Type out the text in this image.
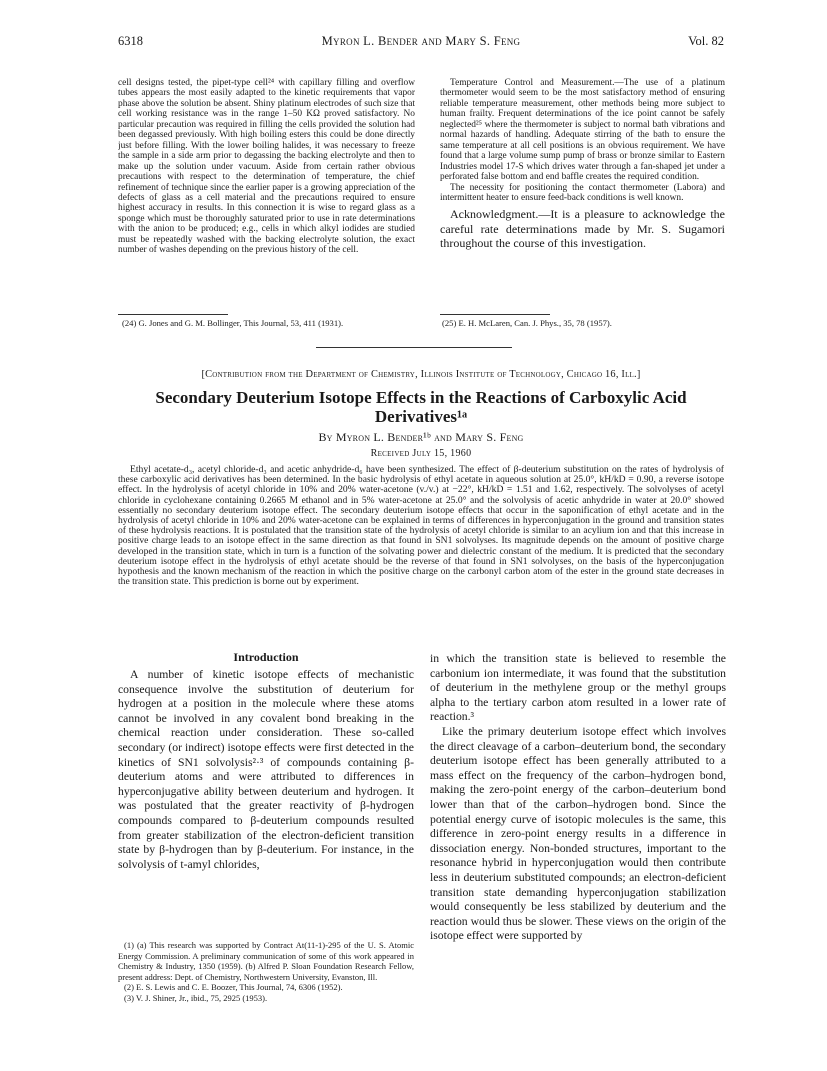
6318	Myron L. Bender and Mary S. Feng	Vol. 82

cell designs tested, the pipet-type cell²⁴ with capillary filling and overflow tubes appears the most easily adapted to the kinetic requirements that vapor phase above the solution be absent. Shiny platinum electrodes of such size that cell working resistance was in the range 1–50 KΩ proved satisfactory. No particular precaution was required in filling the cells provided the solution had been degassed previously. With high boiling esters this could be done directly just before filling. With the lower boiling halides, it was necessary to freeze the sample in a side arm prior to degassing the backing electrolyte and then to make up the solution under vacuum. Aside from certain rather obvious precautions with respect to the determination of temperature, the chief refinement of technique since the earlier paper is a growing appreciation of the defects of glass as a cell material and the precautions required to ensure highest accuracy in results. In this connection it is wise to regard glass as a sponge which must be thoroughly saturated prior to use in rate determinations with the anion to be produced; e.g., cells in which alkyl iodides are studied must be repeatedly washed with the backing electrolyte solution, the exact number of washes depending on the previous history of the cell.

Temperature Control and Measurement.—The use of a platinum thermometer would seem to be the most satisfactory method of ensuring reliable temperature measurement, other methods being more subject to human frailty. Frequent determinations of the ice point cannot be safely neglected²⁵ where the thermometer is subject to normal bath vibrations and normal hazards of handling. Adequate stirring of the bath to ensure the same temperature at all cell positions is an obvious requirement. We have found that a large volume sump pump of brass or bronze similar to Eastern Industries model 17-S which drives water through a fan-shaped jet under a perforated false bottom and end baffle creates the required condition.

The necessity for positioning the contact thermometer (Labora) and intermittent heater to ensure feed-back conditions is well known.

Acknowledgment.—It is a pleasure to acknowledge the careful rate determinations made by Mr. S. Sugamori throughout the course of this investigation.

(24) G. Jones and G. M. Bollinger, This Journal, 53, 411 (1931).	(25) E. H. McLaren, Can. J. Phys., 35, 78 (1957).
[Contribution from the Department of Chemistry, Illinois Institute of Technology, Chicago 16, Ill.]
Secondary Deuterium Isotope Effects in the Reactions of Carboxylic Acid Derivatives¹ᵃ
By Myron L. Bender¹ᵇ and Mary S. Feng
Received July 15, 1960
Ethyl acetate-d₃, acetyl chloride-d₃ and acetic anhydride-d₆ have been synthesized. The effect of β-deuterium substitution on the rates of hydrolysis of these carboxylic acid derivatives has been determined. In the basic hydrolysis of ethyl acetate in aqueous solution at 25.0°, kH/kD = 0.90, a reverse isotope effect. In the hydrolysis of acetyl chloride in 10% and 20% water-acetone (v./v.) at −22°, kH/kD = 1.51 and 1.62, respectively. The solvolyses of acetyl chloride in cyclohexane containing 0.2665 M ethanol and in 5% water-acetone at 25.0° and the solvolysis of acetic anhydride in water at 20.0° showed essentially no secondary deuterium isotope effect. The secondary deuterium isotope effects that occur in the saponification of ethyl acetate and in the hydrolysis of acetyl chloride in 10% and 20% water-acetone can be explained in terms of differences in hyperconjugation in the ground and transition states of these hydrolysis reactions. It is postulated that the transition state of the hydrolysis of acetyl chloride is similar to an acylium ion and that this increase in positive charge leads to an isotope effect in the same direction as that found in SN1 solvolyses. Its magnitude depends on the amount of positive charge developed in the transition state, which in turn is a function of the solvating power and dielectric constant of the medium. It is predicted that the secondary deuterium isotope effect in the hydrolysis of ethyl acetate should be the reverse of that found in SN1 solvolyses, on the basis of the hyperconjugation hypothesis and the known mechanism of the reaction in which the positive charge on the carbonyl carbon atom of the ester in the ground state decreases in the transition state. This prediction is borne out by experiment.
Introduction
A number of kinetic isotope effects of mechanistic consequence involve the substitution of deuterium for hydrogen at a position in the molecule where these atoms cannot be involved in any covalent bond breaking in the chemical reaction under consideration. These so-called secondary (or indirect) isotope effects were first detected in the kinetics of SN1 solvolysis²·³ of compounds containing β-deuterium atoms and were attributed to differences in hyperconjugative ability between deuterium and hydrogen. It was postulated that the greater reactivity of β-hydrogen compounds compared to β-deuterium compounds resulted from greater stabilization of the electron-deficient transition state by β-hydrogen than by β-deuterium. For instance, in the solvolysis of t-amyl chlorides,

(1) (a) This research was supported by Contract At(11-1)-295 of the U. S. Atomic Energy Commission. A preliminary communication of some of this work appeared in Chemistry & Industry, 1350 (1959). (b) Alfred P. Sloan Foundation Research Fellow, present address: Dept. of Chemistry, Northwestern University, Evanston, Ill.

(2) E. S. Lewis and C. E. Boozer, This Journal, 74, 6306 (1952).

(3) V. J. Shiner, Jr., ibid., 75, 2925 (1953).

in which the transition state is believed to resemble the carbonium ion intermediate, it was found that the substitution of deuterium in the methylene group or the methyl groups alpha to the tertiary carbon atom resulted in a lower rate of reaction.³

Like the primary deuterium isotope effect which involves the direct cleavage of a carbon–deuterium bond, the secondary deuterium isotope effect has been generally attributed to a mass effect on the frequency of the carbon–hydrogen bond, making the zero-point energy of the carbon–deuterium bond lower than that of the carbon–hydrogen bond. Since the potential energy curve of isotopic molecules is the same, this difference in zero-point energy results in a difference in dissociation energy. Non-bonded structures, important to the resonance hybrid in hyperconjugation would then contribute less in deuterium substituted compounds; an electron-deficient transition state demanding hyperconjugation stabilization would consequently be less stabilized by deuterium and the reaction would thus be slower. These views on the origin of the isotope effect were supported by
